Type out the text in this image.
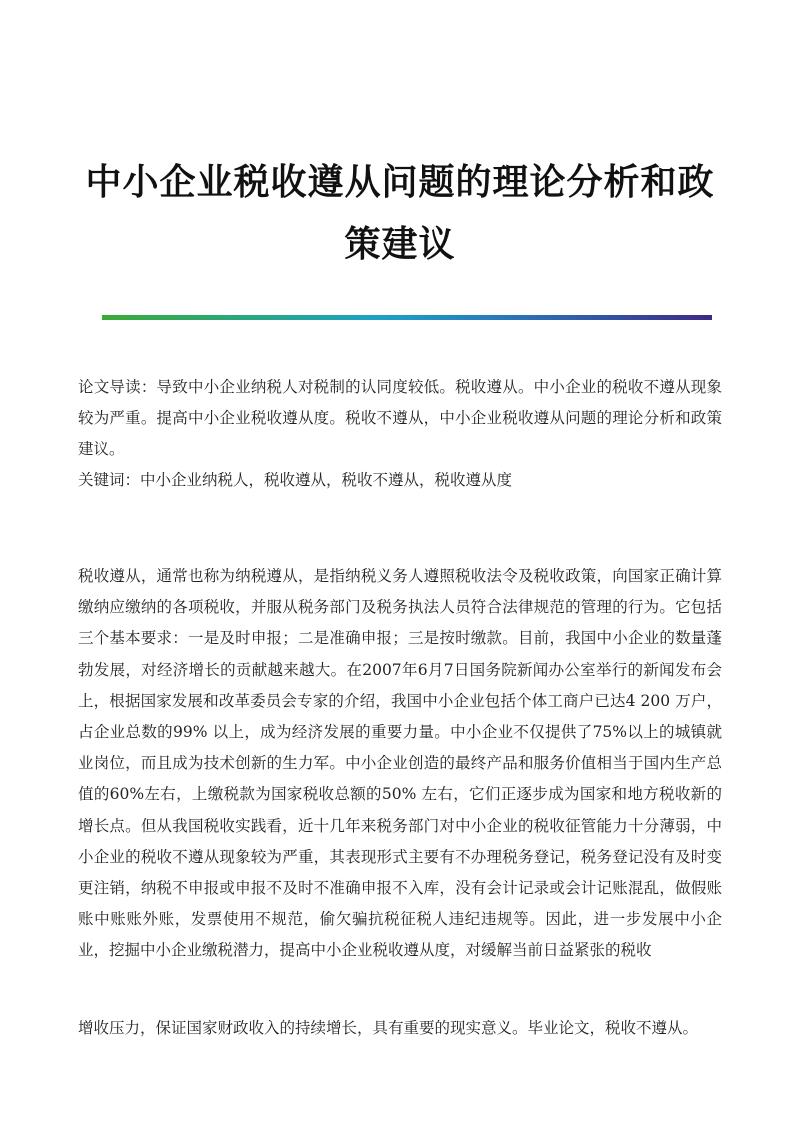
中小企业税收遵从问题的理论分析和政策建议
论文导读：导致中小企业纳税人对税制的认同度较低。税收遵从。中小企业的税收不遵从现象较为严重。提高中小企业税收遵从度。税收不遵从，中小企业税收遵从问题的理论分析和政策建议。
关键词：中小企业纳税人，税收遵从，税收不遵从，税收遵从度
税收遵从，通常也称为纳税遵从，是指纳税义务人遵照税收法令及税收政策，向国家正确计算缴纳应缴纳的各项税收，并服从税务部门及税务执法人员符合法律规范的管理的行为。它包括三个基本要求：一是及时申报；二是准确申报；三是按时缴款。目前，我国中小企业的数量蓬勃发展，对经济增长的贡献越来越大。在2007年6月7日国务院新闻办公室举行的新闻发布会上，根据国家发展和改革委员会专家的介绍，我国中小企业包括个体工商户已达4 200 万户，占企业总数的99% 以上，成为经济发展的重要力量。中小企业不仅提供了75%以上的城镇就业岗位，而且成为技术创新的生力军。中小企业创造的最终产品和服务价值相当于国内生产总值的60%左右，上缴税款为国家税收总额的50% 左右，它们正逐步成为国家和地方税收新的增长点。但从我国税收实践看，近十几年来税务部门对中小企业的税收征管能力十分薄弱，中小企业的税收不遵从现象较为严重，其表现形式主要有不办理税务登记，税务登记没有及时变更注销，纳税不申报或申报不及时不准确申报不入库，没有会计记录或会计记账混乱，做假账账中账账外账，发票使用不规范，偷欠骗抗税征税人违纪违规等。因此，进一步发展中小企业，挖掘中小企业缴税潜力，提高中小企业税收遵从度，对缓解当前日益紧张的税收
增收压力，保证国家财政收入的持续增长，具有重要的现实意义。毕业论文，税收不遵从。
